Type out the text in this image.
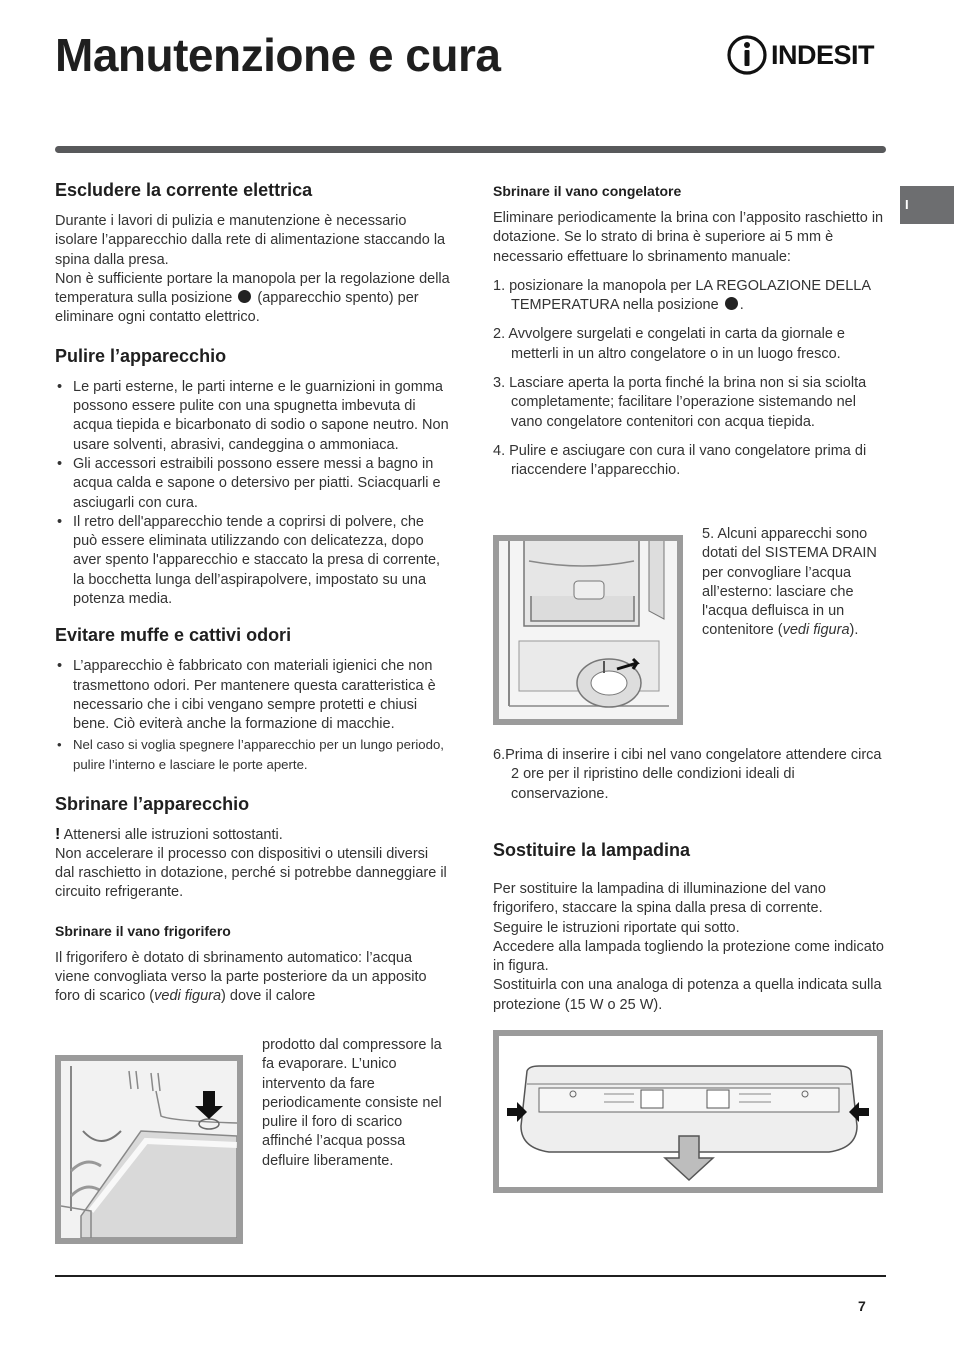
Manutenzione e cura	INDESIT
I
Escludere la corrente elettrica

Durante i lavori di pulizia e manutenzione è necessario isolare l’apparecchio dalla rete di alimentazione staccando la spina dalla presa.

Non è sufficiente portare la manopola per la regolazione della temperatura sulla posizione (apparecchio spento) per eliminare ogni contatto elettrico.

Pulire l’apparecchio
• Le parti esterne, le parti interne e le guarnizioni in gomma possono essere pulite con una spugnetta imbevuta di acqua tiepida e bicarbonato di sodio o sapone neutro. Non usare solventi, abrasivi, candeggina o ammoniaca.
• Gli accessori estraibili possono essere messi a bagno in acqua calda e sapone o detersivo per piatti. Sciacquarli e asciugarli con cura.
• Il retro dell'apparecchio tende a coprirsi di polvere, che può essere eliminata utilizzando con delicatezza, dopo aver spento l'apparecchio e staccato la presa di corrente, la bocchetta lunga dell’aspirapolvere, impostato su una potenza media.
Evitare muffe e cattivi odori
• L’apparecchio è fabbricato con materiali igienici che non trasmettono odori. Per mantenere questa caratteristica è necessario che i cibi vengano sempre protetti e chiusi bene. Ciò eviterà anche la formazione di macchie.
• Nel caso si voglia spegnere l’apparecchio per un lungo periodo, pulire l’interno e lasciare le porte aperte.
Sbrinare l’apparecchio

! Attenersi alle istruzioni sottostanti.

Non accelerare il processo con dispositivi o utensili diversi dal raschietto in dotazione, perché si potrebbe danneggiare il circuito refrigerante.

Sbrinare il vano frigorifero

Il frigorifero è dotato di sbrinamento automatico: l’acqua viene convogliata verso la parte posteriore da un apposito foro di scarico (vedi figura) dove il calore

prodotto dal compressore la fa evaporare. L’unico intervento da fare periodicamente consiste nel pulire il foro di scarico affinché l’acqua possa defluire liberamente.

Sbrinare il vano congelatore

Eliminare periodicamente la brina con l’apposito raschietto in dotazione. Se lo strato di brina è superiore ai 5 mm è necessario effettuare lo sbrinamento manuale:

1. posizionare la manopola per LA REGOLAZIONE DELLA TEMPERATURA nella posizione .
2. Avvolgere surgelati e congelati in carta da giornale e metterli in un altro congelatore o in un luogo fresco.
3. Lasciare aperta la porta finché la brina non si sia sciolta completamente; facilitare l’operazione sistemando nel vano congelatore contenitori con acqua tiepida.
4. Pulire e asciugare con cura il vano congelatore prima di riaccendere l’apparecchio.

5. Alcuni apparecchi sono dotati del SISTEMA DRAIN per convogliare l’acqua all’esterno: lasciare che l'acqua defluisca in un contenitore (vedi figura).

6.Prima di inserire i cibi nel vano congelatore attendere circa 2 ore per il ripristino delle condizioni ideali di conservazione.

Sostituire la lampadina

Per sostituire la lampadina di illuminazione del vano frigorifero, staccare la spina dalla presa di corrente.

Seguire le istruzioni riportate qui sotto.

Accedere alla lampada togliendo la protezione come indicato in figura.

Sostituirla con una analoga di potenza a quella indicata sulla protezione (15 W o 25 W).

7
